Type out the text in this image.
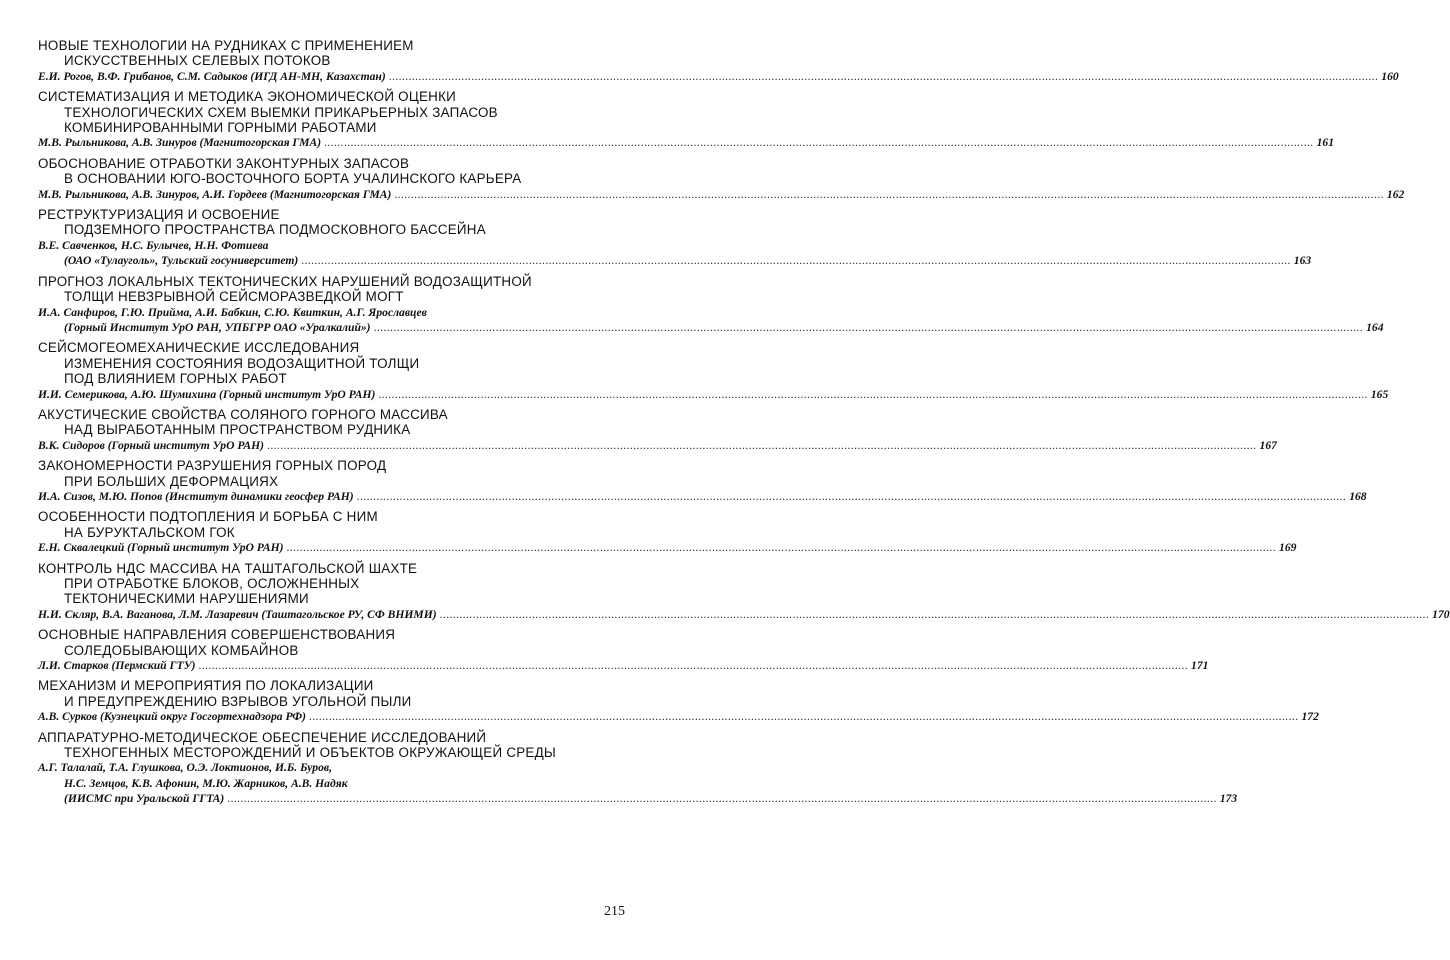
НОВЫЕ ТЕХНОЛОГИИ НА РУДНИКАХ С ПРИМЕНЕНИЕМ
ИСКУССТВЕННЫХ СЕЛЕВЫХ ПОТОКОВ
Е.И. Рогов, В.Ф. Грибанов, С.М. Садыков (ИГД АН-МН, Казахстан) ............................................................................................................................................................................................................................................................................................................ 160
СИСТЕМАТИЗАЦИЯ И МЕТОДИКА ЭКОНОМИЧЕСКОЙ ОЦЕНКИ
ТЕХНОЛОГИЧЕСКИХ СХЕМ ВЫЕМКИ ПРИКАРЬЕРНЫХ ЗАПАСОВ
КОМБИНИРОВАННЫМИ ГОРНЫМИ РАБОТАМИ
М.В. Рыльникова, А.В. Зинуров (Магнитогорская ГМА) ............................................................................................................................................................................................................................................................................................................ 161
ОБОСНОВАНИЕ ОТРАБОТКИ ЗАКОНТУРНЫХ ЗАПАСОВ
В ОСНОВАНИИ ЮГО-ВОСТОЧНОГО БОРТА УЧАЛИНСКОГО КАРЬЕРА
М.В. Рыльникова, А.В. Зинуров, А.И. Гордеев (Магнитогорская ГМА) ............................................................................................................................................................................................................................................................................................................ 162
РЕСТРУКТУРИЗАЦИЯ И ОСВОЕНИЕ
ПОДЗЕМНОГО ПРОСТРАНСТВА ПОДМОСКОВНОГО БАССЕЙНА
В.Е. Савченков, Н.С. Булычев, Н.Н. Фотиева
(ОАО «Тулауголь», Тульский госуниверситет) ............................................................................................................................................................................................................................................................................................................ 163
ПРОГНОЗ ЛОКАЛЬНЫХ ТЕКТОНИЧЕСКИХ НАРУШЕНИЙ ВОДОЗАЩИТНОЙ
ТОЛЩИ НЕВЗРЫВНОЙ СЕЙСМОРАЗВЕДКОЙ МОГТ
И.А. Санфиров, Г.Ю. Прийма, А.И. Бабкин, С.Ю. Квиткин, А.Г. Ярославцев
(Горный Институт УрО РАН, УПБГРР ОАО «Уралкалий») ............................................................................................................................................................................................................................................................................................................ 164
СЕЙСМОГЕОМЕХАНИЧЕСКИЕ ИССЛЕДОВАНИЯ
ИЗМЕНЕНИЯ СОСТОЯНИЯ ВОДОЗАЩИТНОЙ ТОЛЩИ
ПОД ВЛИЯНИЕМ ГОРНЫХ РАБОТ
И.И. Семерикова, А.Ю. Шумихина (Горный институт УрО РАН) ............................................................................................................................................................................................................................................................................................................ 165
АКУСТИЧЕСКИЕ СВОЙСТВА СОЛЯНОГО ГОРНОГО МАССИВА
НАД ВЫРАБОТАННЫМ ПРОСТРАНСТВОМ РУДНИКА
В.К. Сидоров (Горный институт УрО РАН) ............................................................................................................................................................................................................................................................................................................ 167
ЗАКОНОМЕРНОСТИ РАЗРУШЕНИЯ ГОРНЫХ ПОРОД
ПРИ БОЛЬШИХ ДЕФОРМАЦИЯХ
И.А. Сизов, М.Ю. Попов (Институт динамики геосфер РАН) ............................................................................................................................................................................................................................................................................................................ 168
ОСОБЕННОСТИ ПОДТОПЛЕНИЯ И БОРЬБА С НИМ
НА БУРУКТАЛЬСКОМ ГОК
Е.Н. Сквалецкий (Горный институт УрО РАН) ............................................................................................................................................................................................................................................................................................................ 169
КОНТРОЛЬ НДС МАССИВА НА ТАШТАГОЛЬСКОЙ ШАХТЕ
ПРИ ОТРАБОТКЕ БЛОКОВ, ОСЛОЖНЕННЫХ
ТЕКТОНИЧЕСКИМИ НАРУШЕНИЯМИ
Н.И. Скляр, В.А. Ваганова, Л.М. Лазаревич (Таштагольское РУ, СФ ВНИМИ) ............................................................................................................................................................................................................................................................................................................ 170
ОСНОВНЫЕ НАПРАВЛЕНИЯ СОВЕРШЕНСТВОВАНИЯ
СОЛЕДОБЫВАЮЩИХ КОМБАЙНОВ
Л.И. Старков (Пермский ГТУ) ............................................................................................................................................................................................................................................................................................................ 171
МЕХАНИЗМ И МЕРОПРИЯТИЯ ПО ЛОКАЛИЗАЦИИ
И ПРЕДУПРЕЖДЕНИЮ ВЗРЫВОВ УГОЛЬНОЙ ПЫЛИ
А.В. Сурков (Кузнецкий округ Госгортехнадзора РФ) ............................................................................................................................................................................................................................................................................................................ 172
АППАРАТУРНО-МЕТОДИЧЕСКОЕ ОБЕСПЕЧЕНИЕ ИССЛЕДОВАНИЙ
ТЕХНОГЕННЫХ МЕСТОРОЖДЕНИЙ И ОБЪЕКТОВ ОКРУЖАЮЩЕЙ СРЕДЫ
А.Г. Талалай, Т.А. Глушкова, О.Э. Локтионов, И.Б. Буров,
Н.С. Земцов, К.В. Афонин, М.Ю. Жарников, А.В. Надяк
(ИИСМС при Уральской ГГТА) ............................................................................................................................................................................................................................................................................................................ 173
215
